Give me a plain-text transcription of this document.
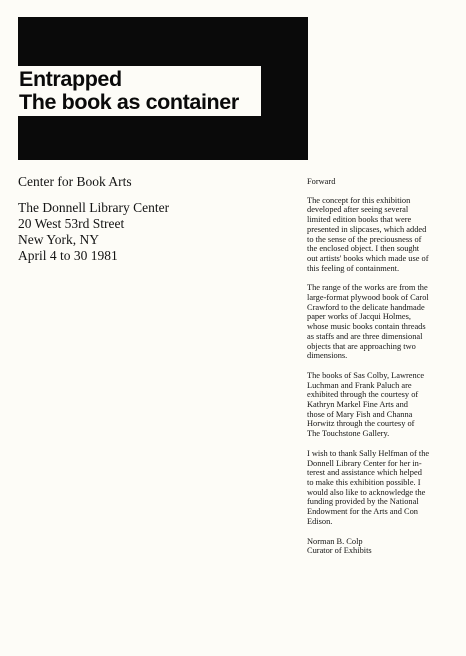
Entrapped
The book as container

Center for Book Arts

The Donnell Library Center
20 West 53rd Street
New York, NY
April 4 to 30 1981

Forward

The concept for this exhibition
developed after seeing several
limited edition books that were
presented in slipcases, which added
to the sense of the preciousness of
the enclosed object. I then sought
out artists' books which made use of
this feeling of containment.
The range of the works are from the
large-format plywood book of Carol
Crawford to the delicate handmade
paper works of Jacqui Holmes,
whose music books contain threads
as staffs and are three dimensional
objects that are approaching two
dimensions.
The books of Sas Colby, Lawrence
Luchman and Frank Paluch are
exhibited through the courtesy of
Kathryn Markel Fine Arts and
those of Mary Fish and Channa
Horwitz through the courtesy of
The Touchstone Gallery.
I wish to thank Sally Helfman of the
Donnell Library Center for her in-
terest and assistance which helped
to make this exhibition possible. I
would also like to acknowledge the
funding provided by the National
Endowment for the Arts and Con
Edison.
Norman B. Colp
Curator of Exhibits
